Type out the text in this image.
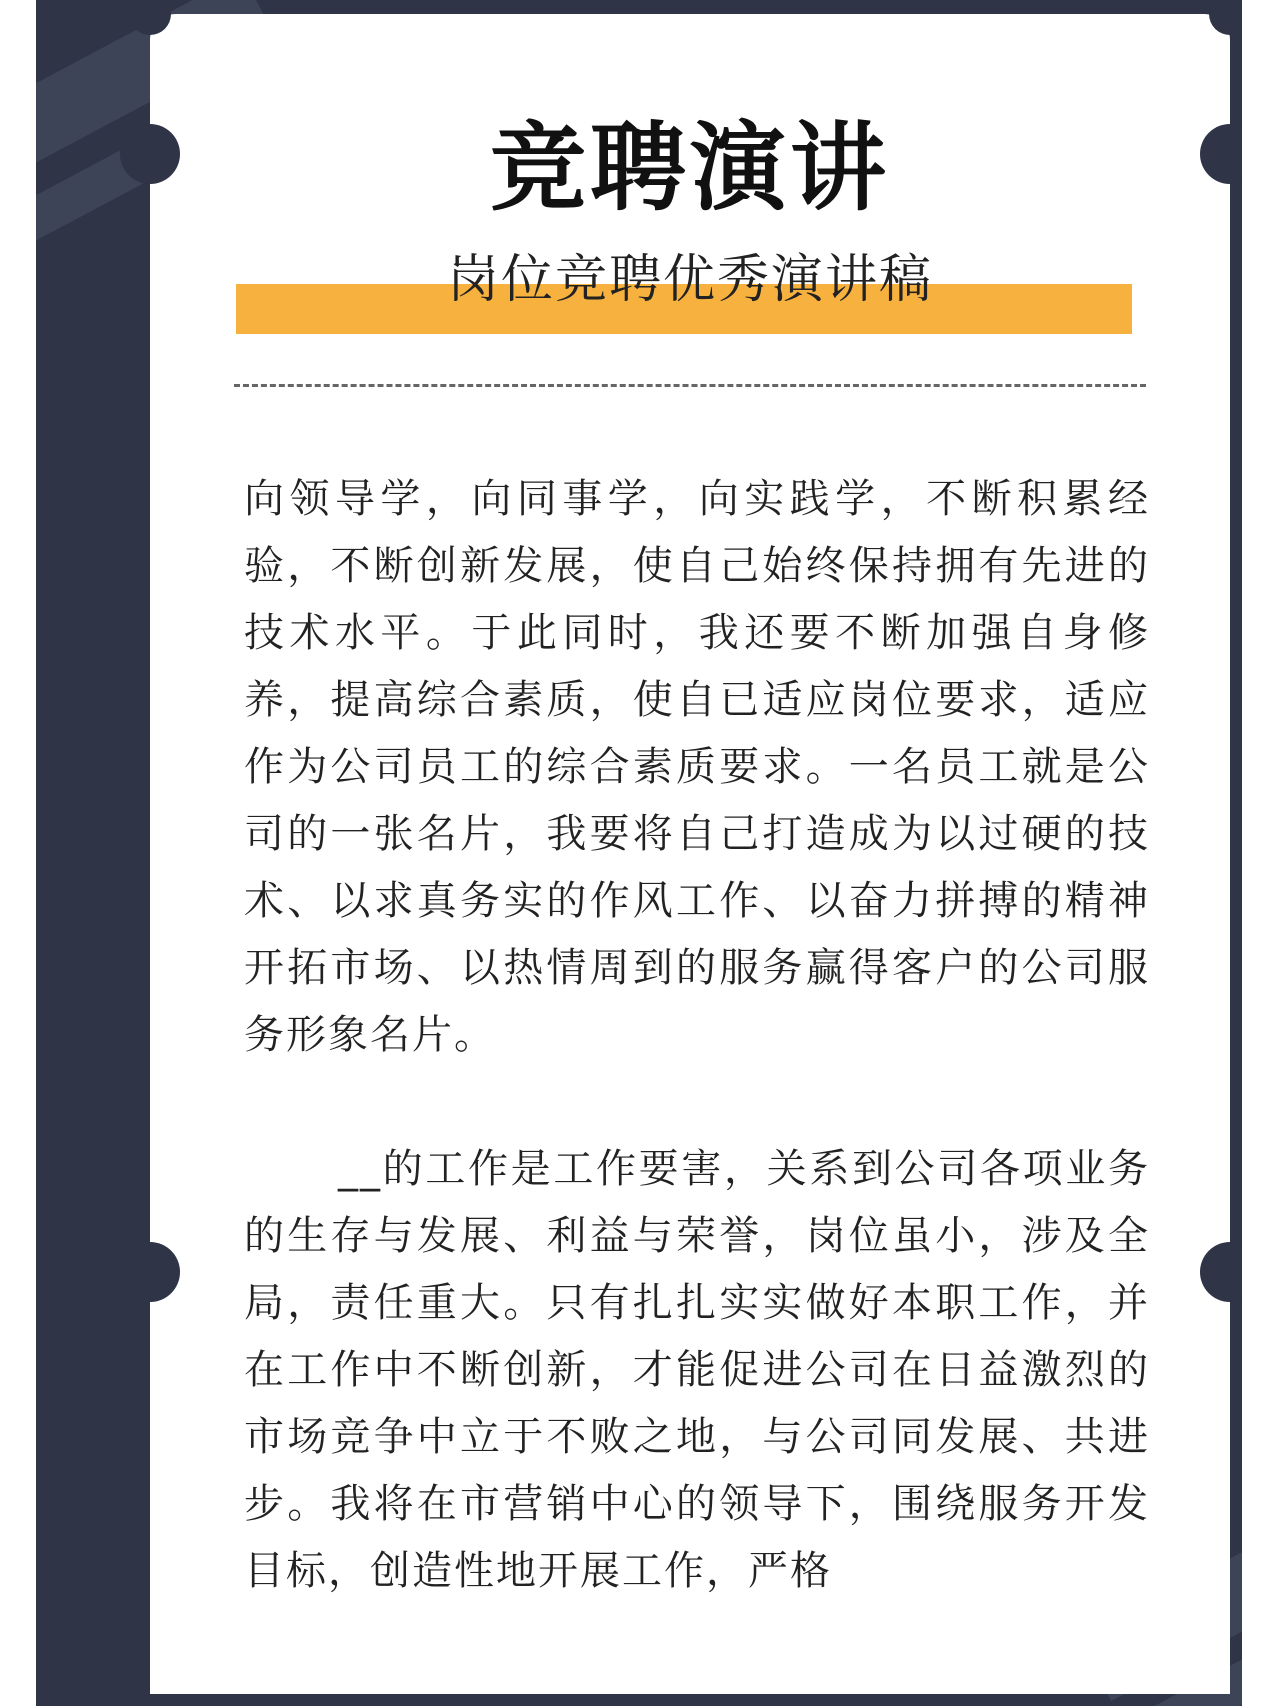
竞聘演讲
岗位竞聘优秀演讲稿

向领导学，向同事学，向实践学，不断积累经验，不断创新发展，使自己始终保持拥有先进的技术水平。于此同时，我还要不断加强自身修养，提高综合素质，使自已适应岗位要求，适应作为公司员工的综合素质要求。一名员工就是公司的一张名片，我要将自己打造成为以过硬的技术、以求真务实的作风工作、以奋力拼搏的精神开拓市场、以热情周到的服务赢得客户的公司服务形象名片。

__的工作是工作要害，关系到公司各项业务的生存与发展、利益与荣誉，岗位虽小，涉及全局，责任重大。只有扎扎实实做好本职工作，并在工作中不断创新，才能促进公司在日益激烈的市场竞争中立于不败之地，与公司同发展、共进步。我将在市营销中心的领导下，围绕服务开发目标，创造性地开展工作，严格
